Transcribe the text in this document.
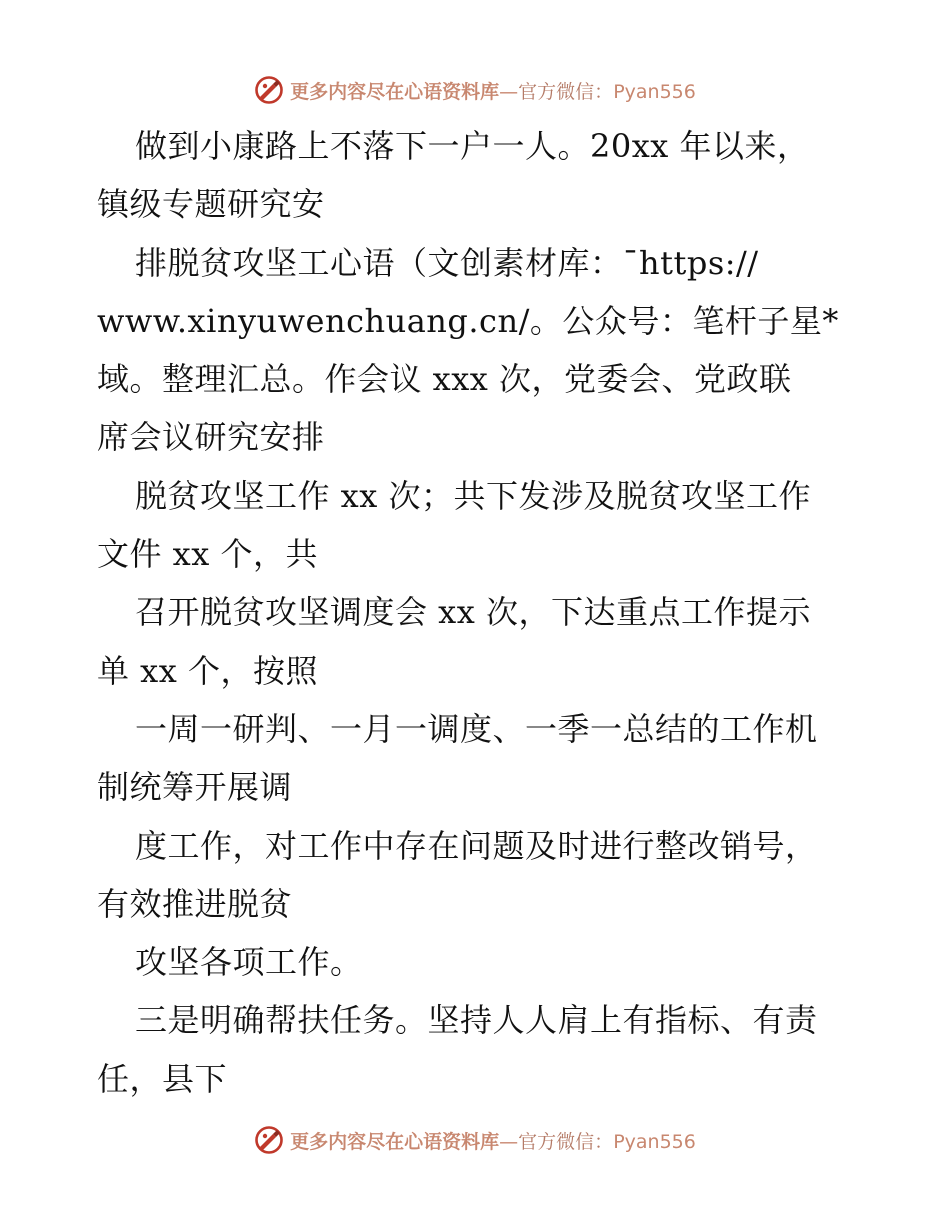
更多内容尽在心语资料库—官方微信：Pyan556
做到小康路上不落下一户一人。20xx 年以来，
镇级专题研究安
排脱贫攻坚工心语（文创素材库：¯https://
www.xinyuwenchuang.cn/。公众号：笔杆子星*
域。整理汇总。作会议 xxx 次，党委会、党政联
席会议研究安排
脱贫攻坚工作 xx 次；共下发涉及脱贫攻坚工作
文件 xx 个，共
召开脱贫攻坚调度会 xx 次，下达重点工作提示
单 xx 个，按照
一周一研判、一月一调度、一季一总结的工作机
制统筹开展调
度工作，对工作中存在问题及时进行整改销号，
有效推进脱贫
攻坚各项工作。
三是明确帮扶任务。坚持人人肩上有指标、有责
任，县下
更多内容尽在心语资料库—官方微信：Pyan556
